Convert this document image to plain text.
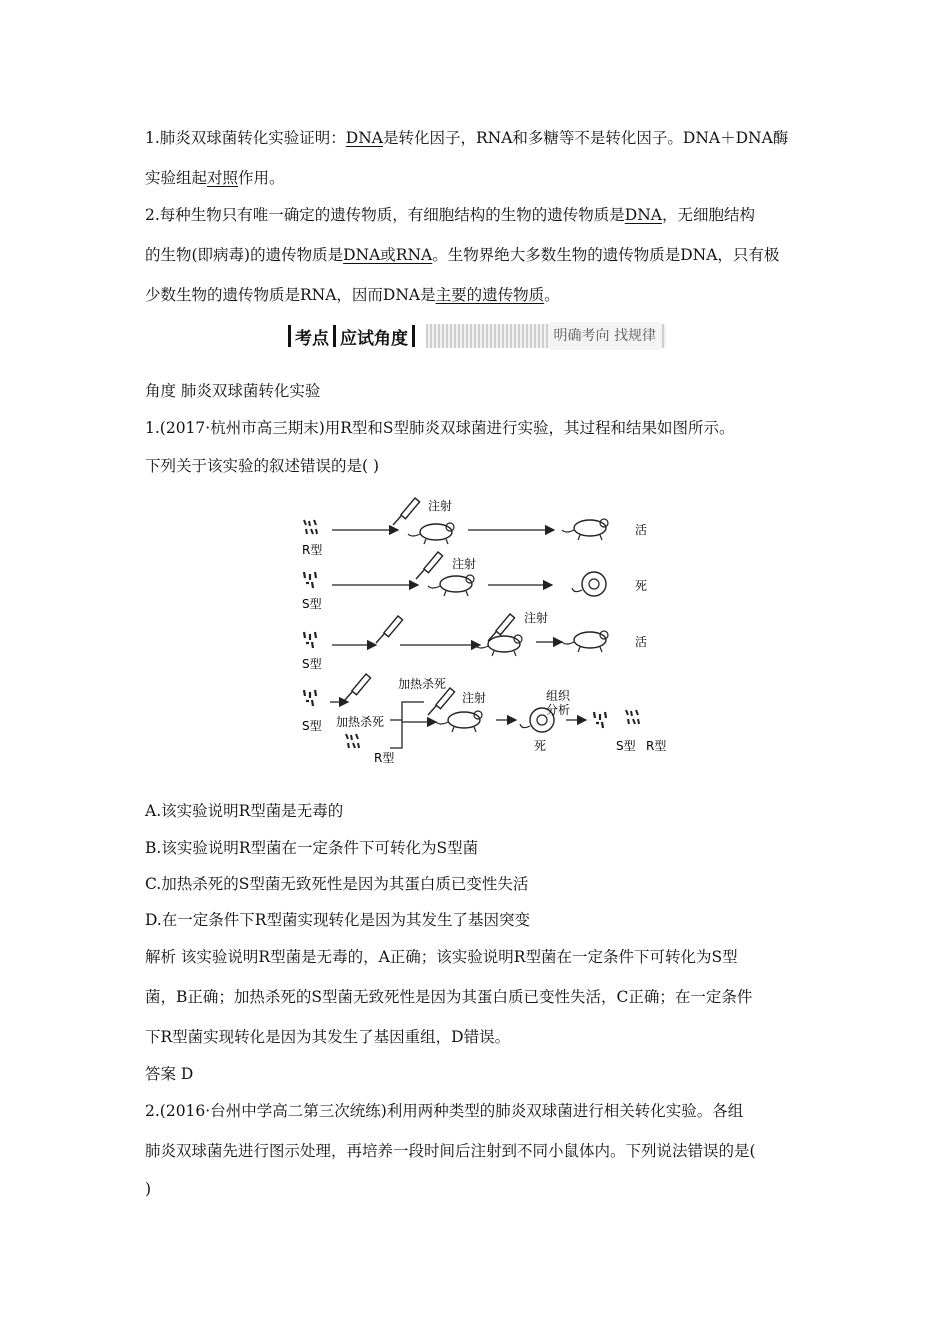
1.肺炎双球菌转化实验证明：DNA是转化因子，RNA和多糖等不是转化因子。DNA＋DNA酶
实验组起对照作用。
2.每种生物只有唯一确定的遗传物质，有细胞结构的生物的遗传物质是DNA，无细胞结构
的生物(即病毒)的遗传物质是DNA或RNA。生物界绝大多数生物的遗传物质是DNA，只有极
少数生物的遗传物质是RNA，因而DNA是主要的遗传物质。
考点 应试角度	明确考向 找规律
角度 肺炎双球菌转化实验
1.(2017·杭州市高三期末)用R型和S型肺炎双球菌进行实验，其过程和结果如图所示。
下列关于该实验的叙述错误的是( )
R型
注射
活
S型
注射
死
S型
加热杀死
注射
活
S型 加热杀死
R型
注射
死
组织
分析
S型 R型
A.该实验说明R型菌是无毒的
B.该实验说明R型菌在一定条件下可转化为S型菌
C.加热杀死的S型菌无致死性是因为其蛋白质已变性失活
D.在一定条件下R型菌实现转化是因为其发生了基因突变
解析 该实验说明R型菌是无毒的，A正确；该实验说明R型菌在一定条件下可转化为S型
菌，B正确；加热杀死的S型菌无致死性是因为其蛋白质已变性失活，C正确；在一定条件
下R型菌实现转化是因为其发生了基因重组，D错误。
答案 D
2.(2016·台州中学高二第三次统练)利用两种类型的肺炎双球菌进行相关转化实验。各组
肺炎双球菌先进行图示处理，再培养一段时间后注射到不同小鼠体内。下列说法错误的是(
)
